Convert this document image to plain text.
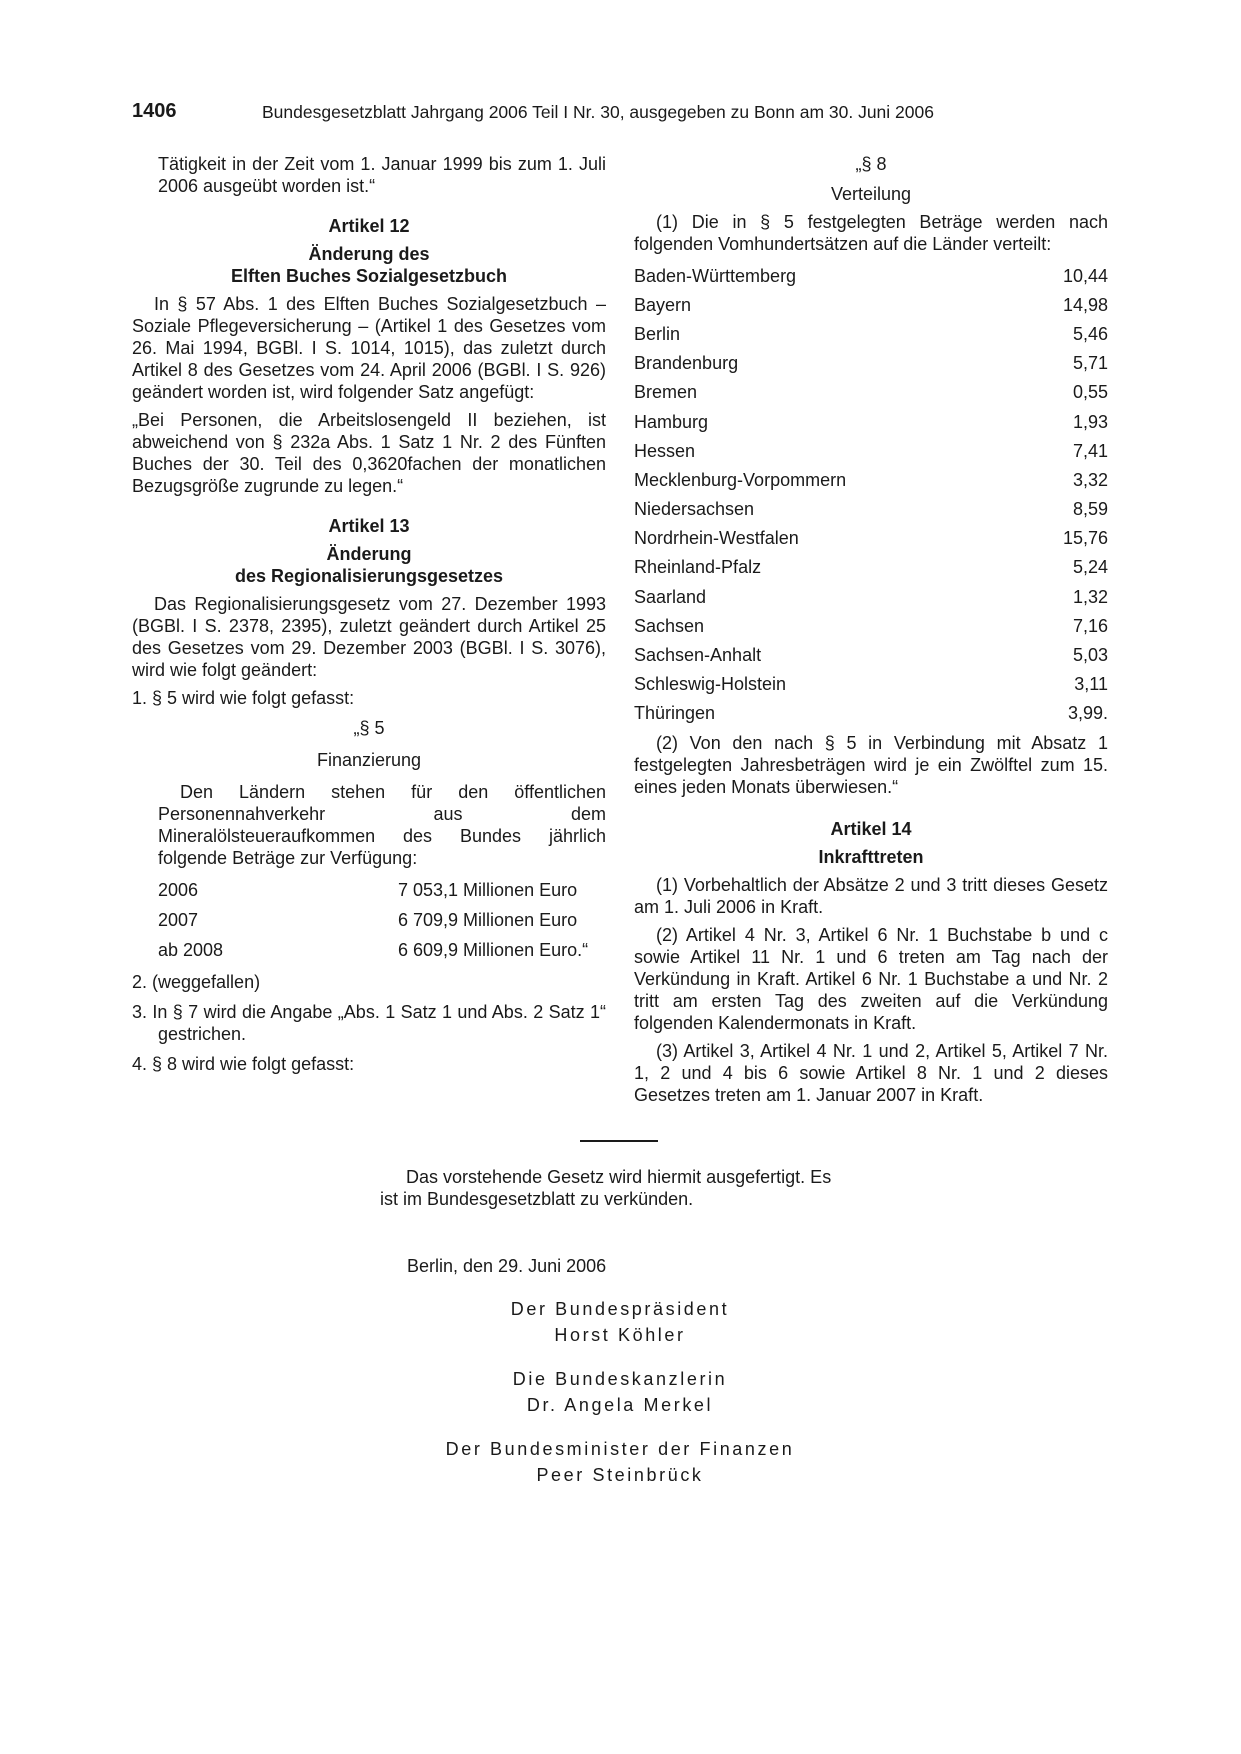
1406	Bundesgesetzblatt Jahrgang 2006 Teil I Nr. 30, ausgegeben zu Bonn am 30. Juni 2006

Tätigkeit in der Zeit vom 1. Januar 1999 bis zum 1. Juli 2006 ausgeübt worden ist.“

Artikel 12
Änderung des
Elften Buches Sozialgesetzbuch

In § 57 Abs. 1 des Elften Buches Sozialgesetzbuch – Soziale Pflegeversicherung – (Artikel 1 des Gesetzes vom 26. Mai 1994, BGBl. I S. 1014, 1015), das zuletzt durch Artikel 8 des Gesetzes vom 24. April 2006 (BGBl. I S. 926) geändert worden ist, wird folgender Satz angefügt:

„Bei Personen, die Arbeitslosengeld II beziehen, ist abweichend von § 232a Abs. 1 Satz 1 Nr. 2 des Fünften Buches der 30. Teil des 0,3620fachen der monatlichen Bezugsgröße zugrunde zu legen.“

Artikel 13
Änderung
des Regionalisierungsgesetzes

Das Regionalisierungsgesetz vom 27. Dezember 1993 (BGBl. I S. 2378, 2395), zuletzt geändert durch Artikel 25 des Gesetzes vom 29. Dezember 2003 (BGBl. I S. 3076), wird wie folgt geändert:

1. § 5 wird wie folgt gefasst:

„§ 5
Finanzierung

Den Ländern stehen für den öffentlichen Personennahverkehr aus dem Mineralölsteueraufkommen des Bundes jährlich folgende Beträge zur Verfügung:

2006	7 053,1 Millionen Euro
2007	6 709,9 Millionen Euro
ab 2008	6 609,9 Millionen Euro.“

2. (weggefallen)

3. In § 7 wird die Angabe „Abs. 1 Satz 1 und Abs. 2 Satz 1“ gestrichen.

4. § 8 wird wie folgt gefasst:

„§ 8
Verteilung

(1) Die in § 5 festgelegten Beträge werden nach folgenden Vomhundertsätzen auf die Länder verteilt:

Baden-Württemberg	10,44
Bayern	14,98
Berlin	5,46
Brandenburg	5,71
Bremen	0,55
Hamburg	1,93
Hessen	7,41
Mecklenburg-Vorpommern	3,32
Niedersachsen	8,59
Nordrhein-Westfalen	15,76
Rheinland-Pfalz	5,24
Saarland	1,32
Sachsen	7,16
Sachsen-Anhalt	5,03
Schleswig-Holstein	3,11
Thüringen	3,99.

(2) Von den nach § 5 in Verbindung mit Absatz 1 festgelegten Jahresbeträgen wird je ein Zwölftel zum 15. eines jeden Monats überwiesen.“

Artikel 14
Inkrafttreten

(1) Vorbehaltlich der Absätze 2 und 3 tritt dieses Gesetz am 1. Juli 2006 in Kraft.

(2) Artikel 4 Nr. 3, Artikel 6 Nr. 1 Buchstabe b und c sowie Artikel 11 Nr. 1 und 6 treten am Tag nach der Verkündung in Kraft. Artikel 6 Nr. 1 Buchstabe a und Nr. 2 tritt am ersten Tag des zweiten auf die Verkündung folgenden Kalendermonats in Kraft.

(3) Artikel 3, Artikel 4 Nr. 1 und 2, Artikel 5, Artikel 7 Nr. 1, 2 und 4 bis 6 sowie Artikel 8 Nr. 1 und 2 dieses Gesetzes treten am 1. Januar 2007 in Kraft.

Das vorstehende Gesetz wird hiermit ausgefertigt. Es

ist im Bundesgesetzblatt zu verkünden.

Berlin, den 29. Juni 2006
Der Bundespräsident
Horst Köhler
Die Bundeskanzlerin
Dr. Angela Merkel
Der Bundesminister der Finanzen
Peer Steinbrück
